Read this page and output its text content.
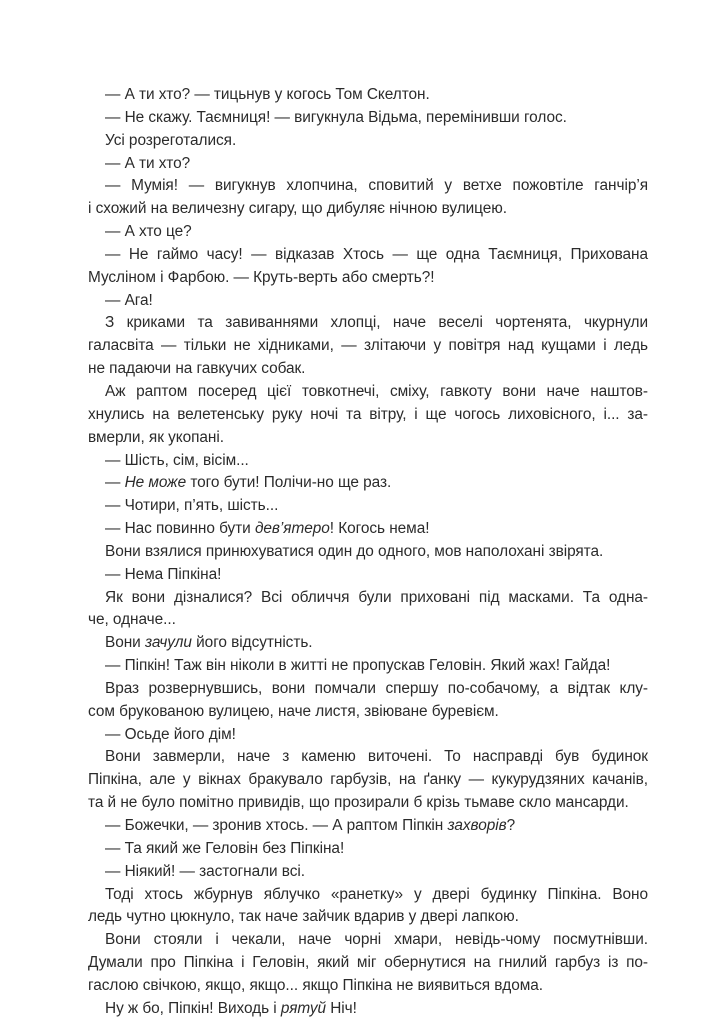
— А ти хто? — тицьнув у когось Том Скелтон.
— Не скажу. Таємниця! — вигукнула Відьма, перемінивши голос.
Усі розреготалися.
— А ти хто?
— Мумія! — вигукнув хлопчина, сповитий у ветхе пожовтіле ганчір’я
і схожий на величезну сигару, що дибуляє нічною вулицею.
— А хто це?
— Не гаймо часу! — відказав Хтось — ще одна Таємниця, Прихована
Мусліном і Фарбою. — Круть-верть або смерть?!
— Ага!
З криками та завиваннями хлопці, наче веселі чортенята, чкурнули
галасвіта — тільки не хідниками, — злітаючи у повітря над кущами і ледь
не падаючи на гавкучих собак.
Аж раптом посеред цієї товкотнечі, сміху, гавкоту вони наче наштов-
хнулись на велетенську руку ночі та вітру, і ще чогось лиховісного, і... за-
вмерли, як укопані.
— Шість, сім, вісім...
— Не може того бути! Полічи-но ще раз.
— Чотири, п’ять, шість...
— Нас повинно бути дев’ятеро! Когось нема!
Вони взялися принюхуватися один до одного, мов наполохані звірята.
— Нема Піпкіна!
Як вони дізналися? Всі обличчя були приховані під масками. Та одна-
че, одначе...
Вони зачули його відсутність.
— Піпкін! Таж він ніколи в житті не пропускав Геловін. Який жах! Гайда!
Враз розвернувшись, вони помчали спершу по-собачому, а відтак клу-
сом брукованою вулицею, наче листя, звіюване буревієм.
— Осьде його дім!
Вони завмерли, наче з каменю виточені. То насправді був будинок
Піпкіна, але у вікнах бракувало гарбузів, на ґанку — кукурудзяних качанів,
та й не було помітно привидів, що прозирали б крізь тьмаве скло мансарди.
— Божечки, — зронив хтось. — А раптом Піпкін захворів?
— Та який же Геловін без Піпкіна!
— Ніякий! — застогнали всі.
Тоді хтось жбурнув яблучко «ранетку» у двері будинку Піпкіна. Воно
ледь чутно цюкнуло, так наче зайчик вдарив у двері лапкою.
Вони стояли і чекали, наче чорні хмари, невідь-чому посмутнівши.
Думали про Піпкіна і Геловін, який міг обернутися на гнилий гарбуз із по-
гаслою свічкою, якщо, якщо... якщо Піпкіна не виявиться вдома.
Ну ж бо, Піпкін! Виходь і рятуй Ніч!
